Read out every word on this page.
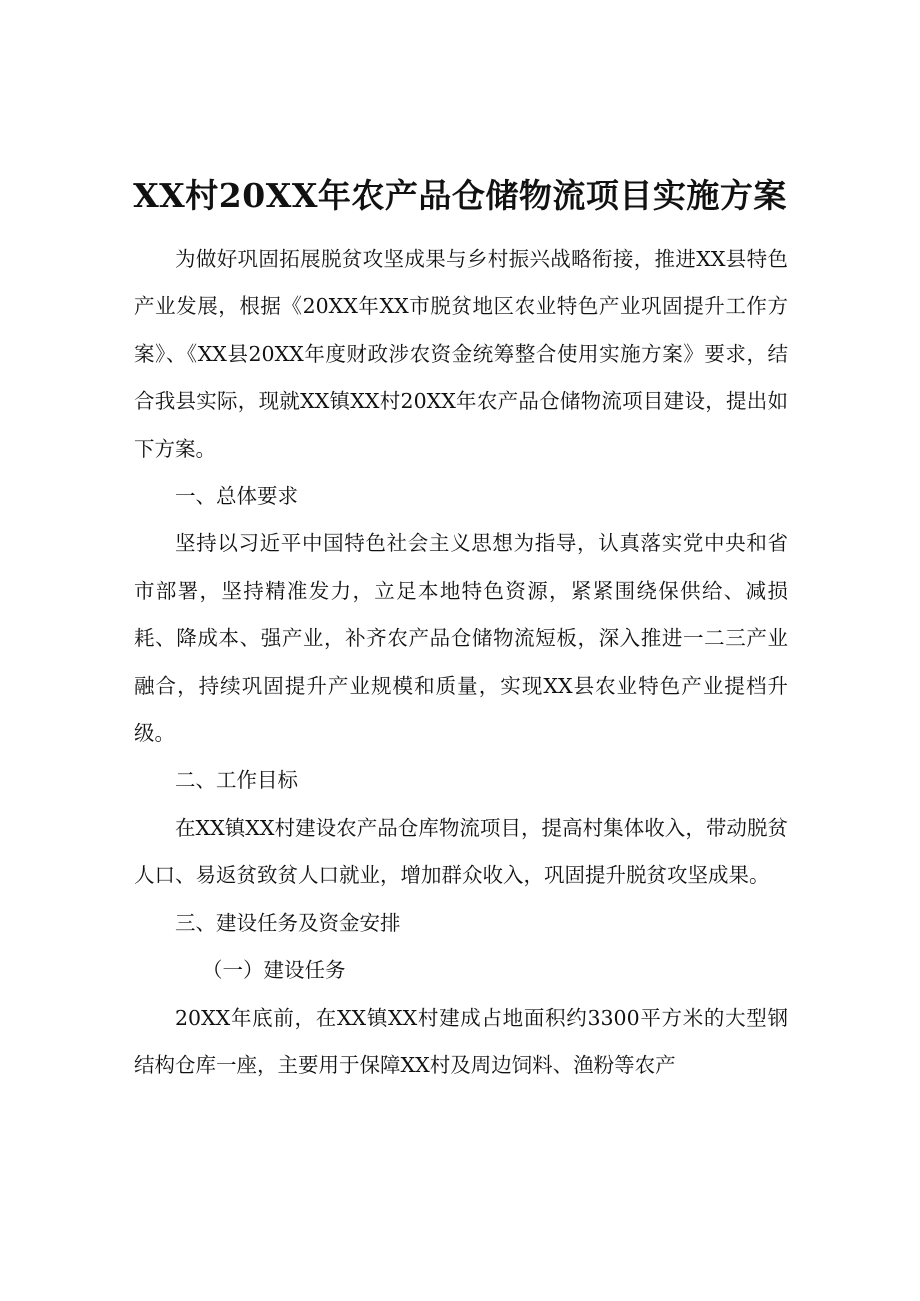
XX村20XX年农产品仓储物流项目实施方案

为做好巩固拓展脱贫攻坚成果与乡村振兴战略衔接，推进XX县特色产业发展，根据《20XX年XX市脱贫地区农业特色产业巩固提升工作方案》、《XX县20XX年度财政涉农资金统筹整合使用实施方案》要求，结合我县实际，现就XX镇XX村20XX年农产品仓储物流项目建设，提出如下方案。

一、总体要求

坚持以习近平中国特色社会主义思想为指导，认真落实党中央和省市部署，坚持精准发力，立足本地特色资源，紧紧围绕保供给、减损耗、降成本、强产业，补齐农产品仓储物流短板，深入推进一二三产业融合，持续巩固提升产业规模和质量，实现XX县农业特色产业提档升级。

二、工作目标

在XX镇XX村建设农产品仓库物流项目，提高村集体收入，带动脱贫人口、易返贫致贫人口就业，增加群众收入，巩固提升脱贫攻坚成果。

三、建设任务及资金安排

（一）建设任务

20XX年底前，在XX镇XX村建成占地面积约3300平方米的大型钢结构仓库一座，主要用于保障XX村及周边饲料、渔粉等农产
